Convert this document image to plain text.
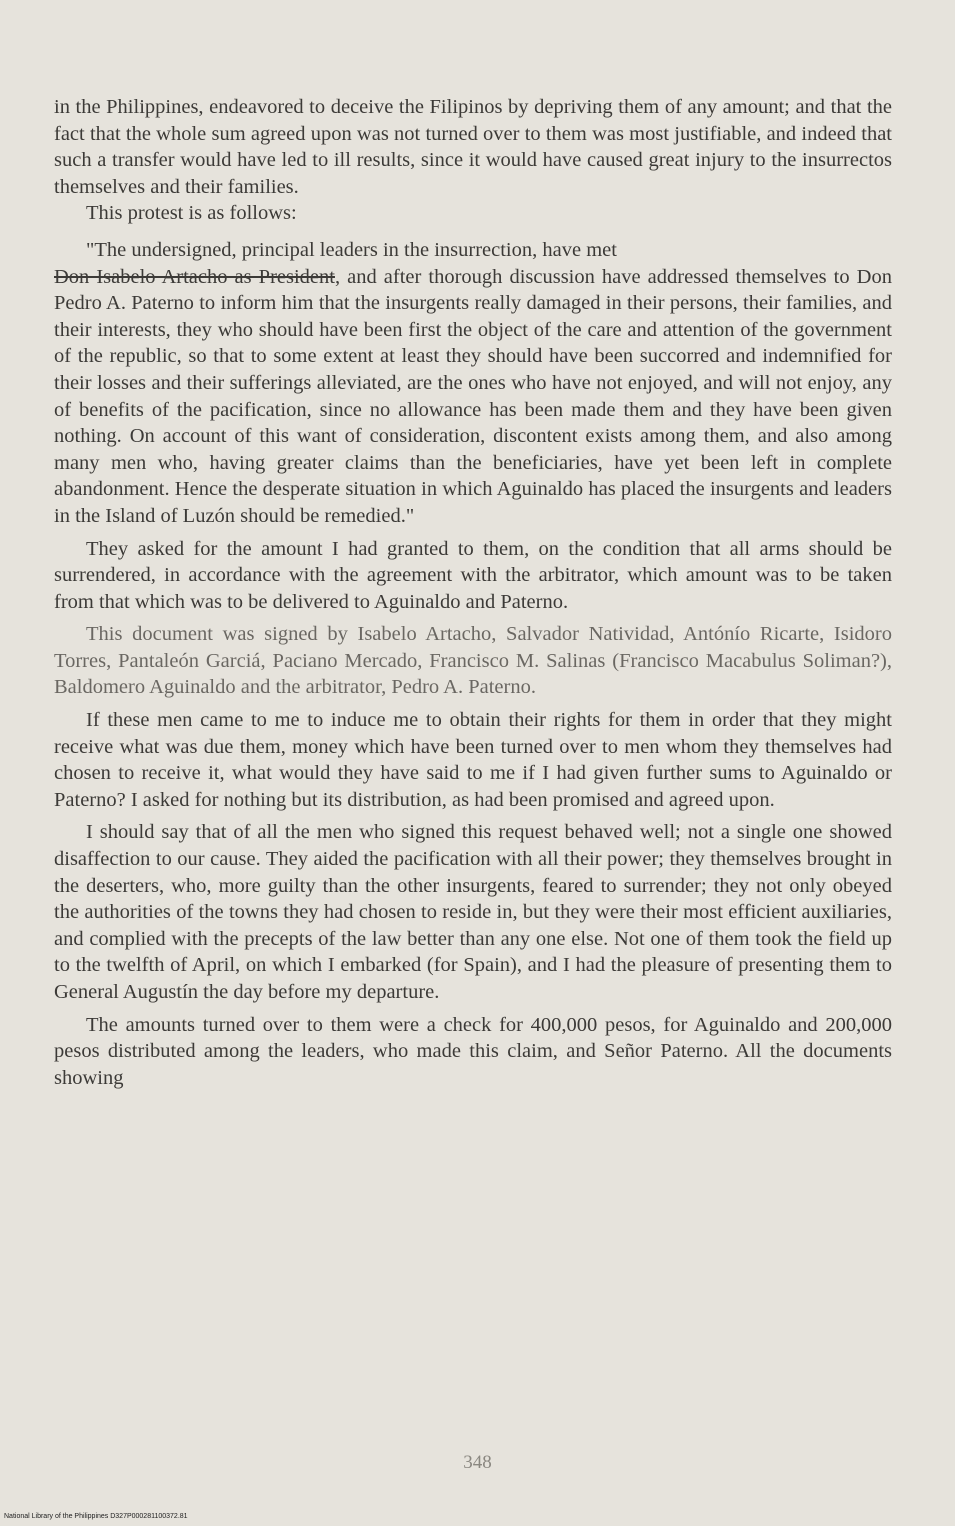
in the Philippines, endeavored to deceive the Filipinos by depriving them of any amount; and that the fact that the whole sum agreed upon was not turned over to them was most justifiable, and indeed that such a transfer would have led to ill results, since it would have caused great injury to the insurrectos themselves and their families.

This protest is as follows:

"The undersigned, principal leaders in the insurrection, have met
Don Isabelo Artacho as President, and after thorough discussion have addressed themselves to Don Pedro A. Paterno to inform him that the insurgents really damaged in their persons, their families, and their interests, they who should have been first the object of the care and attention of the government of the republic, so that to some extent at least they should have been succorred and indemnified for their losses and their sufferings alleviated, are the ones who have not enjoyed, and will not enjoy, any of benefits of the pacification, since no allowance has been made them and they have been given nothing. On account of this want of consideration, discontent exists among them, and also among many men who, having greater claims than the beneficiaries, have yet been left in complete abandonment. Hence the desperate situation in which Aguinaldo has placed the insurgents and leaders in the Island of Luzón should be remedied."

They asked for the amount I had granted to them, on the condition that all arms should be surrendered, in accordance with the agreement with the arbitrator, which amount was to be taken from that which was to be delivered to Aguinaldo and Paterno.

This document was signed by Isabelo Artacho, Salvador Natividad, Antónío Ricarte, Isidoro Torres, Pantaleón Garciá, Paciano Mercado, Francisco M. Salinas (Francisco Macabulus Soliman?), Baldomero Aguinaldo and the arbitrator, Pedro A. Paterno.

If these men came to me to induce me to obtain their rights for them in order that they might receive what was due them, money which have been turned over to men whom they themselves had chosen to receive it, what would they have said to me if I had given further sums to Aguinaldo or Paterno? I asked for nothing but its distribution, as had been promised and agreed upon.

I should say that of all the men who signed this request behaved well; not a single one showed disaffection to our cause. They aided the pacification with all their power; they themselves brought in the deserters, who, more guilty than the other insurgents, feared to surrender; they not only obeyed the authorities of the towns they had chosen to reside in, but they were their most efficient auxiliaries, and complied with the precepts of the law better than any one else. Not one of them took the field up to the twelfth of April, on which I embarked (for Spain), and I had the pleasure of presenting them to General Augustín the day before my departure.

The amounts turned over to them were a check for 400,000 pesos, for Aguinaldo and 200,000 pesos distributed among the leaders, who made this claim, and Señor Paterno. All the documents showing

348
National Library of the Philippines D327P000281100372.81
